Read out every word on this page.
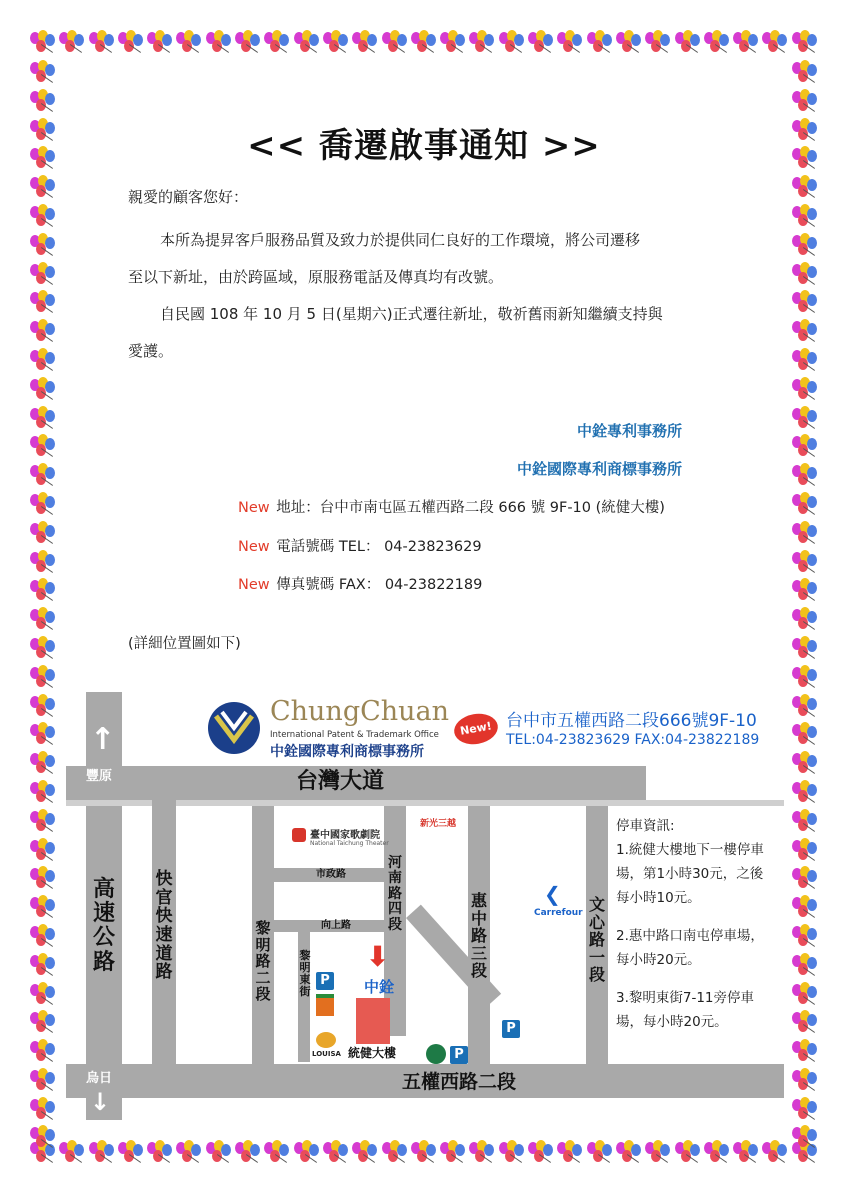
<< 喬遷啟事通知 >>
親愛的顧客您好：
本所為提昇客戶服務品質及致力於提供同仁良好的工作環境，將公司遷移
至以下新址，由於跨區域，原服務電話及傳真均有改號。
自民國 108 年 10 月 5 日(星期六)正式遷往新址，敬祈舊雨新知繼續支持與
愛護。
中銓專利事務所
中銓國際專利商標事務所
New 地址：台中市南屯區五權西路二段 666 號 9F-10 (統健大樓)
New 電話號碼 TEL： 04-23823629
New 傳真號碼 FAX： 04-23822189
(詳細位置圖如下)
ChungChuan
International Patent & Trademark Office
中銓國際專利商標事務所
New! 台中市五權西路二段666號9F-10
TEL:04-23823629 FAX:04-23822189
豐原
烏日
↑
↓
台灣大道
高速公路
快官快速道路
黎明路二段
黎明東街
河南路四段
惠中路三段
文心路一段
市政路
向上路
五權西路二段
臺中國家歌劇院
National Taichung Theater
新光三越
❮
Carrefour
⬇
中銓
統健大樓
P
LOUISA	P
P
停車資訊:
1.統健大樓地下一樓停車場，第1小時30元，之後每小時10元。
2.惠中路口南屯停車場，每小時20元。
3.黎明東街7-11旁停車場，每小時20元。
